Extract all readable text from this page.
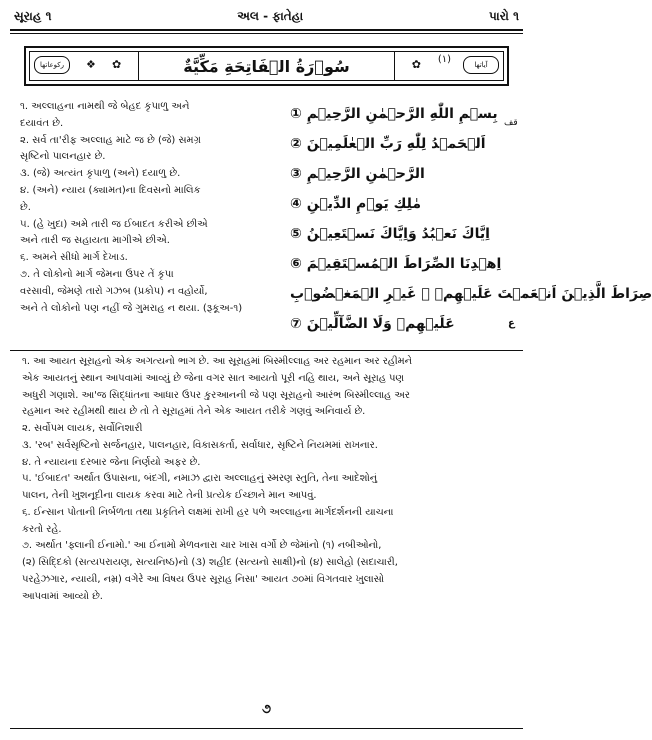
સૂરાહ ૧	અલ - ફાતેહા	પારો ૧
❖ ✿	✿
ركوعاتها	آياتها
(١)
سُوۡرَةُ الۡفَاتِحَةِ مَكِّيَّةٌ
૧. અલ્લાહના નામથી જે બેહદ કૃપાળુ અને
દયાવંત છે.
૨. સર્વ તા'રીફ અલ્લાહ માટે જ છે (જે) સમગ્ર
સૃષ્ટિનો પાલનહાર છે.
૩. (જે) અત્યંત કૃપાળુ (અને) દયાળુ છે.
૪. (અને) ન્યાય (ક્યામત)ના દિવસનો માલિક
છે.
૫. (હે ખુદા) અમે તારી જ ઈબાદત કરીએ છીએ
અને તારી જ સહાયતા માગીએ છીએ.
૬. અમને સીધો માર્ગ દેખાડ.
૭. તે લોકોનો માર્ગ જેમના ઉપર તેં કૃપા
વરસાવી, જેમણે તારો ગઝબ (પ્રકોપ) ન વહોર્યો,
અને તે લોકોનો પણ નહીં જે ગુમરાહ ન થયા. (રૂકૂઅ-૧)
بِسۡمِ اللّٰهِ الرَّحۡمٰنِ الرَّحِيۡمِ ①
اَلۡحَمۡدُ لِلّٰهِ رَبِّ الۡعٰلَمِيۡنَ ②
الرَّحۡمٰنِ الرَّحِيۡمِ ③
مٰلِكِ يَوۡمِ الدِّيۡنِ ④
اِيَّاكَ نَعۡبُدُ وَاِيَّاكَ نَسۡتَعِيۡنُ ⑤
اِهۡدِنَا الصِّرَاطَ الۡمُسۡتَقِيۡمَ ⑥
صِرَاطَ الَّذِيۡنَ اَنۡعَمۡتَ عَلَيۡهِمۡ ۙ غَيۡرِ الۡمَغۡضُوۡبِ
عَلَيۡهِمۡ وَلَا الضَّآلِّيۡنَ ⑦
قف
ع
૧. આ આયત સૂરાહનો એક અગત્યનો ભાગ છે. આ સૂરાહમાં બિસ્મીલ્લાહ અર રહમાન અર રહીમને
એક આયતનું સ્થાન આપવામાં આવ્યું છે જેના વગર સાત આયતો પૂરી નહિ થાય, અને સૂરાહ પણ
અધુરી ગણાશે. આ'જ સિદ્ધાંતના આધાર ઉપર કુરઆનની જે પણ સૂરાહનો આરંભ બિસ્મીલ્લાહ અર
રહમાન અર રહીમથી થાય છે તો તે સૂરાહમાં તેને એક આયત તરીકે ગણવું અનિવાર્ય છે.
૨. સર્વોપમ લાયક, સર્વોનિશારી
૩. 'રબ' સર્વસૃષ્ટિનો સર્જનહાર, પાલનહાર, વિકાસકર્તા, સર્વાધાર, સૃષ્ટિને નિયમમાં રાખનાર.
૪. તે ન્યાયના દરબાર જેના નિર્ણયો અફર છે.
૫. 'ઈબાદત' અર્થાત ઉપાસના, બંદગી, નમાઝ દ્વારા અલ્લાહનું સ્મરણ સ્તુતિ, તેના આદેશોનું
પાલન, તેની ખુશનૂદીના લાયક કરવા માટે તેની પ્રત્યેક ઈચ્છાને માન આપવું.
૬. ઈન્સાન પોતાની નિર્બળતા તથા પ્રકૃતિને લક્ષમાં રાખી હર પળે અલ્લાહના માર્ગદર્શનની યાચના
કરતો રહે.
૭. અર્થાત 'ફ્લાની ઈનામો.' આ ઈનામો મેળવનારા ચાર ખાસ વર્ગો છે જેમાંનો (૧) નબીઓનો,
(૨) સિદ્દિકો (સત્યપરાયણ, સત્યનિષ્ઠ)નો (૩) શહીદ (સત્યનો સાક્ષી)નો (૪) સાલેહો (સદાચારી,
પરહેઝગાર, ન્યાયી, નમ્ર) વગેરે આ વિષય ઉપર સૂરાહ નિસા' આયત ૭૦માં વિગતવાર ખુલાસો
આપવામાં આવ્યો છે.
૭
